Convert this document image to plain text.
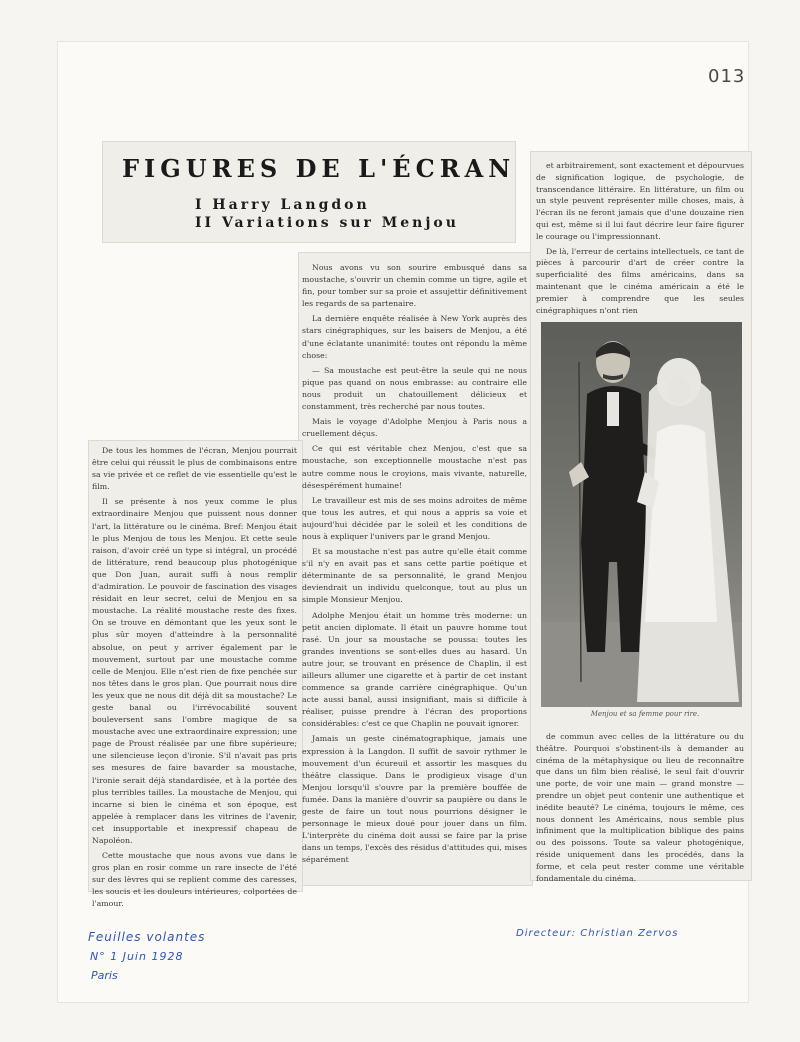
013
FIGURES DE L'ÉCRAN
I Harry Langdon
II Variations sur Menjou

De tous les hommes de l'écran, Menjou pourrait être celui qui réussit le plus de combinaisons entre sa vie privée et ce reflet de vie essentielle qu'est le film.

Il se présente à nos yeux comme le plus extraordinaire Menjou que puissent nous donner l'art, la littérature ou le cinéma. Bref: Menjou était le plus Menjou de tous les Menjou. Et cette seule raison, d'avoir créé un type si intégral, un procédé de littérature, rend beaucoup plus photogénique que Don Juan, aurait suffi à nous remplir d'admiration. Le pouvoir de fascination des visages résidait en leur secret, celui de Menjou en sa moustache. La réalité moustache reste des fixes. On se trouve en démontant que les yeux sont le plus sûr moyen d'atteindre à la personnalité absolue, on peut y arriver également par le mouvement, surtout par une moustache comme celle de Menjou. Elle n'est rien de fixe penchée sur nos têtes dans le gros plan. Que pourrait nous dire les yeux que ne nous dit déjà dit sa moustache? Le geste banal ou l'irrévocabilité souvent bouleversent sans l'ombre magique de sa moustache avec une extraordinaire expression; une page de Proust réalisée par une fibre supérieure; une silencieuse leçon d'ironie. S'il n'avait pas pris ses mesures de faire bavarder sa moustache, l'ironie serait déjà standardisée, et à la portée des plus terribles tailles. La moustache de Menjou, qui incarne si bien le cinéma et son époque, est appelée à remplacer dans les vitrines de l'avenir, cet insupportable et inexpressif chapeau de Napoléon.

Cette moustache que nous avons vue dans le gros plan en rosir comme un rare insecte de l'été sur des lèvres qui se replient comme des caresses, les soucis et les douleurs intérieures, colportées de l'amour.

Nous avons vu son sourire embusqué dans sa moustache, s'ouvrir un chemin comme un tigre, agile et fin, pour tomber sur sa proie et assujettir définitivement les regards de sa partenaire.

La dernière enquête réalisée à New York auprès des stars cinégraphiques, sur les baisers de Menjou, a été d'une éclatante unanimité: toutes ont répondu la même chose:

— Sa moustache est peut-être la seule qui ne nous pique pas quand on nous embrasse: au contraire elle nous produit un chatouillement délicieux et constamment, très recherché par nous toutes.

Mais le voyage d'Adolphe Menjou à Paris nous a cruellement déçus.

Ce qui est véritable chez Menjou, c'est que sa moustache, son exceptionnelle moustache n'est pas autre comme nous le croyions, mais vivante, naturelle, désespérément humaine!

Le travailleur est mis de ses moins adroites de même que tous les autres, et qui nous a appris sa voie et aujourd'hui décidée par le soleil et les conditions de nous à expliquer l'univers par le grand Menjou.

Et sa moustache n'est pas autre qu'elle était comme s'il n'y en avait pas et sans cette partie poétique et déterminante de sa personnalité, le grand Menjou deviendrait un individu quelconque, tout au plus un simple Monsieur Menjou.

Adolphe Menjou était un homme très moderne: un petit ancien diplomate. Il était un pauvre homme tout rasé. Un jour sa moustache se poussa: toutes les grandes inventions se sont-elles dues au hasard. Un autre jour, se trouvant en présence de Chaplin, il est ailleurs allumer une cigarette et à partir de cet instant commence sa grande carrière cinégraphique. Qu'un acte aussi banal, aussi insignifiant, mais si difficile à réaliser, puisse prendre à l'écran des proportions considérables: c'est ce que Chaplin ne pouvait ignorer.

Jamais un geste cinématographique, jamais une expression à la Langdon. Il suffit de savoir rythmer le mouvement d'un écureuil et assortir les masques du théâtre classique. Dans le prodigieux visage d'un Menjou lorsqu'il s'ouvre par la première bouffée de fumée. Dans la manière d'ouvrir sa paupière ou dans le geste de faire un tout nous pourrions désigner le personnage le mieux doué pour jouer dans un film. L'interprète du cinéma doit aussi se faire par la prise dans un temps, l'excès des résidus d'attitudes qui, mises séparément

et arbitrairement, sont exactement et dépourvues de signification logique, de psychologie, de transcendance littéraire. En littérature, un film ou un style peuvent représenter mille choses, mais, à l'écran ils ne feront jamais que d'une douzaine rien qui est, même si il lui faut décrire leur faire figurer le courage ou l'impressionnant.

De là, l'erreur de certains intellectuels, ce tant de pièces à parcourir d'art de créer contre la superficialité des films américains, dans sa maintenant que le cinéma américain a été le premier à comprendre que les seules cinégraphiques n'ont rien

Menjou et sa femme pour rire.

de commun avec celles de la littérature ou du théâtre. Pourquoi s'obstinent-ils à demander au cinéma de la métaphysique ou lieu de reconnaître que dans un film bien réalisé, le seul fait d'ouvrir une porte, de voir une main — grand monstre — prendre un objet peut contenir une authentique et inédite beauté? Le cinéma, toujours le même, ces nous donnent les Américains, nous semble plus infiniment que la multiplication biblique des pains ou des poissons. Toute sa valeur photogénique, réside uniquement dans les procédés, dans la forme, et cela peut rester comme une véritable fondamentale du cinéma.

Feuilles volantes
N° 1 Juin 1928
Paris
Directeur: Christian Zervos
